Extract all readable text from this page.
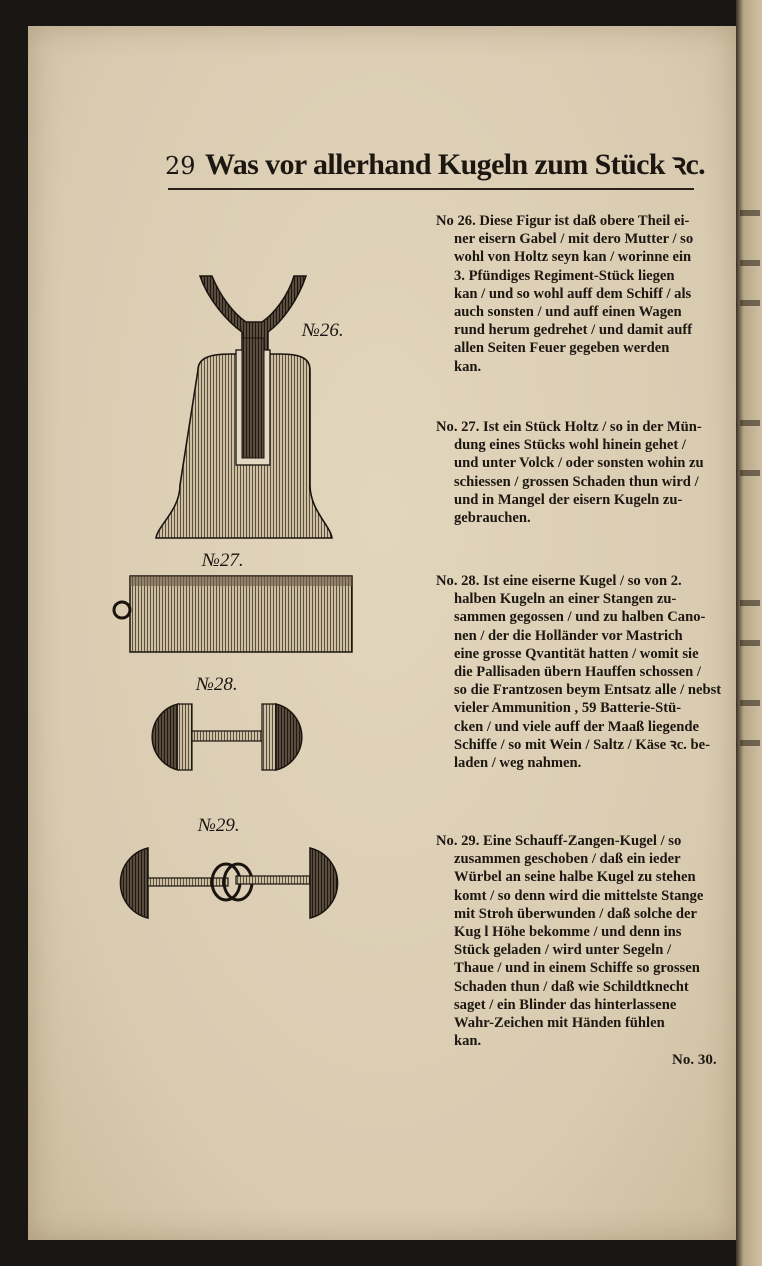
29 Was vor allerhand Kugeln zum Stück ꝛc.
№26.
№27.
№28.
№29.
No 26. Diese Figur ist daß obere Theil ei-
ner eisern Gabel / mit dero Mutter / so
wohl von Holtz seyn kan / worinne ein
3. Pfündiges Regiment-Stück liegen
kan / und so wohl auff dem Schiff / als
auch sonsten / und auff einen Wagen
rund herum gedrehet / und damit auff
allen Seiten Feuer gegeben werden
kan.
No. 27. Ist ein Stück Holtz / so in der Mün-
dung eines Stücks wohl hinein gehet /
und unter Volck / oder sonsten wohin zu
schiessen / grossen Schaden thun wird /
und in Mangel der eisern Kugeln zu-
gebrauchen.
No. 28. Ist eine eiserne Kugel / so von 2.
halben Kugeln an einer Stangen zu-
sammen gegossen / und zu halben Cano-
nen / der die Holländer vor Mastrich
eine grosse Qvantität hatten / womit sie
die Pallisaden übern Hauffen schossen /
so die Frantzosen beym Entsatz alle / nebst
vieler Ammunition , 59 Batterie-Stü-
cken / und viele auff der Maaß liegende
Schiffe / so mit Wein / Saltz / Käse ꝛc. be-
laden / weg nahmen.
No. 29. Eine Schauff-Zangen-Kugel / so
zusammen geschoben / daß ein ieder
Würbel an seine halbe Kugel zu stehen
komt / so denn wird die mittelste Stange
mit Stroh überwunden / daß solche der
Kug l Höhe bekomme / und denn ins
Stück geladen / wird unter Segeln /
Thaue / und in einem Schiffe so grossen
Schaden thun / daß wie Schildtknecht
saget / ein Blinder das hinterlassene
Wahr-Zeichen mit Händen fühlen
kan.
No. 30.
